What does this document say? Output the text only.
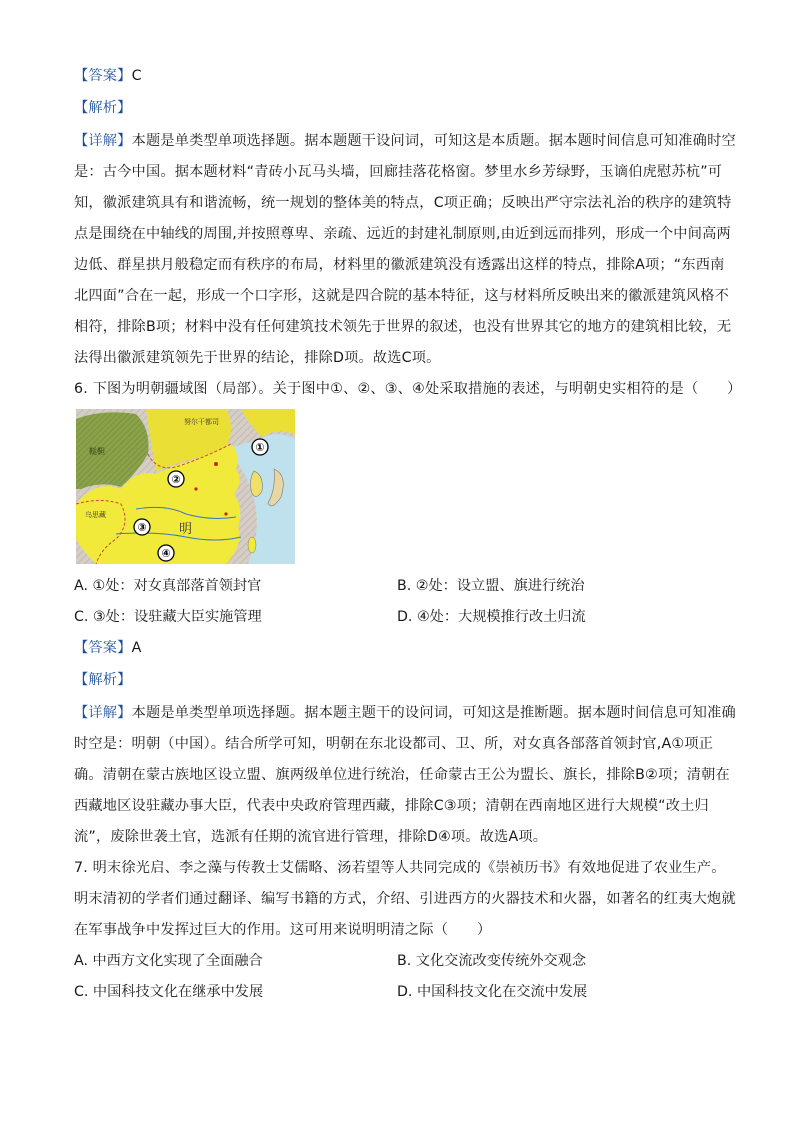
【答案】C
【解析】
【详解】本题是单类型单项选择题。据本题题干设问词，可知这是本质题。据本题时间信息可知准确时空
是：古今中国。据本题材料“青砖小瓦马头墙，回廊挂落花格窗。梦里水乡芳绿野，玉谪伯虎慰苏杭”可
知，徽派建筑具有和谐流畅，统一规划的整体美的特点，C项正确；反映出严守宗法礼治的秩序的建筑特
点是围绕在中轴线的周围,并按照尊卑、亲疏、远近的封建礼制原则,由近到远而排列，形成一个中间高两
边低、群星拱月般稳定而有秩序的布局，材料里的徽派建筑没有透露出这样的特点，排除A项；“东西南
北四面”合在一起，形成一个口字形，这就是四合院的基本特征，这与材料所反映出来的徽派建筑风格不
相符，排除B项；材料中没有任何建筑技术领先于世界的叙述，也没有世界其它的地方的建筑相比较，无
法得出徽派建筑领先于世界的结论，排除D项。故选C项。
6. 下图为明朝疆域图（局部）。关于图中①、②、③、④处采取措施的表述，与明朝史实相符的是（　　）
鞑靼
乌思藏
努尔干都司
明
①
②
③
④
A. ①处：对女真部落首领封官	B. ②处：设立盟、旗进行统治
C. ③处：设驻藏大臣实施管理	D. ④处：大规模推行改土归流
【答案】A
【解析】
【详解】本题是单类型单项选择题。据本题主题干的设问词，可知这是推断题。据本题时间信息可知准确
时空是：明朝（中国）。结合所学可知，明朝在东北设都司、卫、所，对女真各部落首领封官,A①项正
确。清朝在蒙古族地区设立盟、旗两级单位进行统治，任命蒙古王公为盟长、旗长，排除B②项；清朝在
西藏地区设驻藏办事大臣，代表中央政府管理西藏，排除C③项；清朝在西南地区进行大规模“改土归
流”，废除世袭土官，选派有任期的流官进行管理，排除D④项。故选A项。
7. 明末徐光启、李之藻与传教士艾儒略、汤若望等人共同完成的《崇祯历书》有效地促进了农业生产。
明末清初的学者们通过翻译、编写书籍的方式，介绍、引进西方的火器技术和火器，如著名的红夷大炮就
在军事战争中发挥过巨大的作用。这可用来说明明清之际（　　）
A. 中西方文化实现了全面融合	B. 文化交流改变传统外交观念
C. 中国科技文化在继承中发展	D. 中国科技文化在交流中发展
